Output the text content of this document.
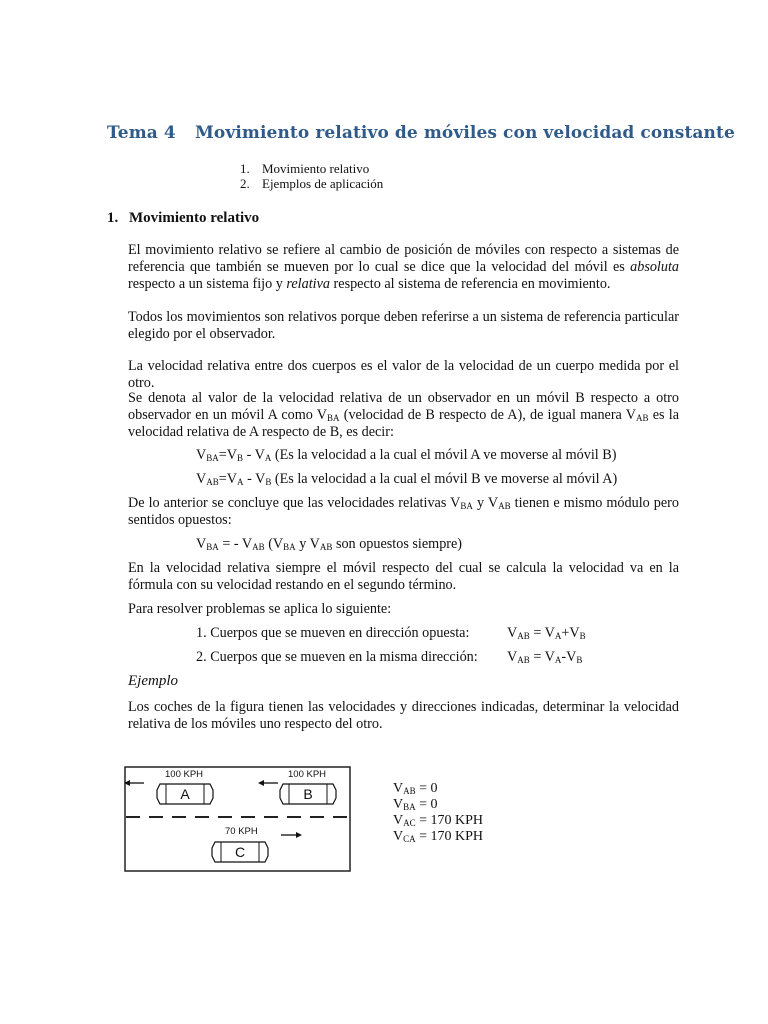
Tema 4 Movimiento relativo de móviles con velocidad constante
1. Movimiento relativo
2. Ejemplos de aplicación
1. Movimiento relativo
El movimiento relativo se refiere al cambio de posición de móviles con respecto a sistemas de referencia que también se mueven por lo cual se dice que la velocidad del móvil es absoluta respecto a un sistema fijo y relativa respecto al sistema de referencia en movimiento.
Todos los movimientos son relativos porque deben referirse a un sistema de referencia particular elegido por el observador.
La velocidad relativa entre dos cuerpos es el valor de la velocidad de un cuerpo medida por el otro.
Se denota al valor de la velocidad relativa de un observador en un móvil B respecto a otro observador en un móvil A como $V_{BA}$ (velocidad de B respecto de A), de igual manera $V_{AB}$ es la velocidad relativa de A respecto de B, es decir:
$V_{BA}=V_B - V_A$ (Es la velocidad a la cual el móvil A ve moverse al móvil B)
$V_{AB}=V_A - V_B$ (Es la velocidad a la cual el móvil B ve moverse al móvil A)
De lo anterior se concluye que las velocidades relativas $V_{BA}$ y $V_{AB}$ tienen e mismo módulo pero sentidos opuestos:
$V_{BA}$ = - $V_{AB}$ ($V_{BA}$ y $V_{AB}$ son opuestos siempre)
En la velocidad relativa siempre el móvil respecto del cual se calcula la velocidad va en la fórmula con su velocidad restando en el segundo término.
Para resolver problemas se aplica lo siguiente:
1. Cuerpos que se mueven en dirección opuesta:	$V_{AB} = V_A+V_B$
2. Cuerpos que se mueven en la misma dirección: $V_{AB} = V_A-V_B$
Ejemplo
Los coches de la figura tienen las velocidades y direcciones indicadas, determinar la velocidad relativa de los móviles uno respecto del otro.
100 KPH	100 KPH
70 KPH
A	B
C
$V_{AB} = 0$
$V_{BA} = 0$
$V_{AC} = 170$ KPH
$V_{CA} = 170$ KPH
